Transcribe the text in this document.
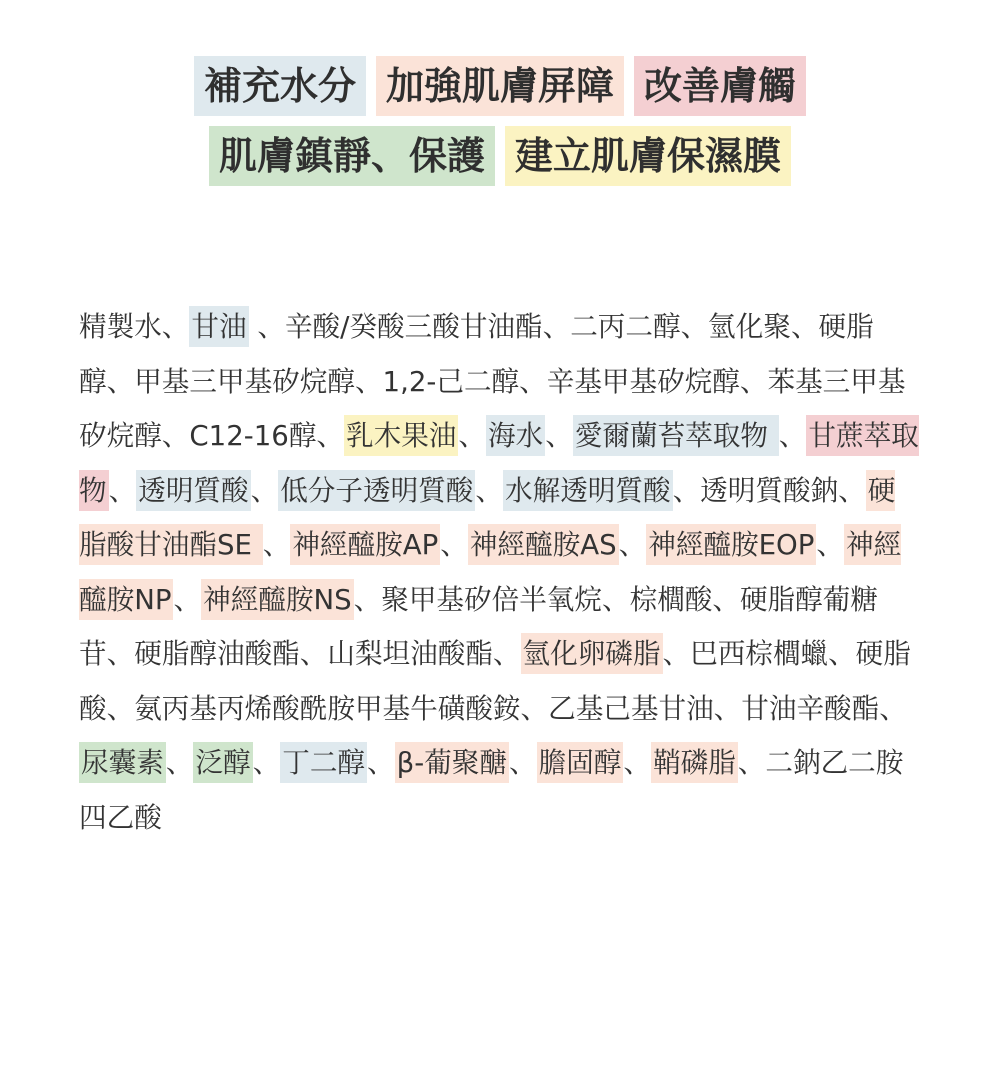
補充水分 加強肌膚屏障 改善膚觸
肌膚鎮靜、保護 建立肌膚保濕膜
精製水、甘油 、辛酸/癸酸三酸甘油酯、二丙二醇、氫化聚、硬脂醇、甲基三甲基矽烷醇、1,2-己二醇、辛基甲基矽烷醇、苯基三甲基矽烷醇、C12-16醇、乳木果油、海水、愛爾蘭苔萃取物 、甘蔗萃取物、透明質酸、低分子透明質酸、水解透明質酸、透明質酸鈉、硬脂酸甘油酯SE 、神經醯胺AP、神經醯胺AS、神經醯胺EOP、神經醯胺NP、神經醯胺NS、聚甲基矽倍半氧烷、棕櫚酸、硬脂醇葡糖苷、硬脂醇油酸酯、山梨坦油酸酯、氫化卵磷脂、巴西棕櫚蠟、硬脂酸、氨丙基丙烯酸酰胺甲基牛磺酸銨、乙基己基甘油、甘油辛酸酯、尿囊素、泛醇、丁二醇、β-葡聚醣、膽固醇、鞘磷脂、二鈉乙二胺四乙酸
